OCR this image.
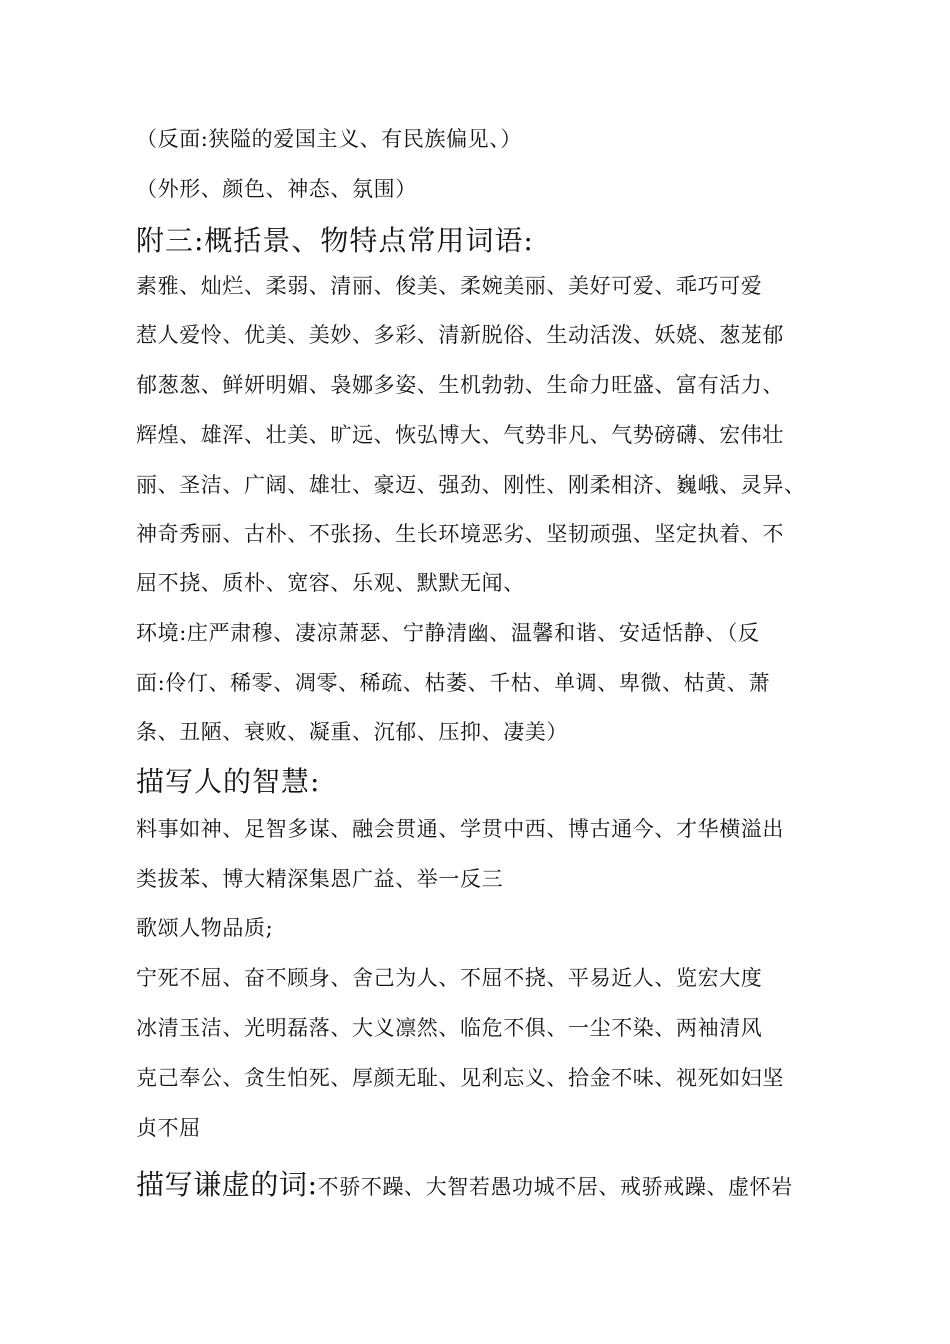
（反面:狭隘的爱国主义、有民族偏见、）
（外形、颜色、神态、氛围）
附三:概括景、物特点常用词语:
素雅、灿烂、柔弱、清丽、俊美、柔婉美丽、美好可爱、乖巧可爱
惹人爱怜、优美、美妙、多彩、清新脱俗、生动活泼、妖娆、葱茏郁
郁葱葱、鲜妍明媚、袅娜多姿、生机勃勃、生命力旺盛、富有活力、
辉煌、雄浑、壮美、旷远、恢弘博大、气势非凡、气势磅礴、宏伟壮
丽、圣洁、广阔、雄壮、豪迈、强劲、刚性、刚柔相济、巍峨、灵异、
神奇秀丽、古朴、不张扬、生长环境恶劣、坚韧顽强、坚定执着、不
屈不挠、质朴、宽容、乐观、默默无闻、
环境:庄严肃穆、凄凉萧瑟、宁静清幽、温馨和谐、安适恬静、（反
面:伶仃、稀零、凋零、稀疏、枯萎、千枯、单调、卑微、枯黄、萧
条、丑陋、衰败、凝重、沉郁、压抑、凄美）
描写人的智慧:
料事如神、足智多谋、融会贯通、学贯中西、博古通今、才华横溢出
类拔苯、博大精深集恩广益、举一反三
歌颂人物品质;
宁死不屈、奋不顾身、舍己为人、不屈不挠、平易近人、览宏大度
冰清玉洁、光明磊落、大义凛然、临危不俱、一尘不染、两袖清风
克己奉公、贪生怕死、厚颜无耻、见利忘义、拾金不味、视死如妇坚
贞不屈
描写谦虚的词:不骄不躁、大智若愚功城不居、戒骄戒躁、虚怀岩
